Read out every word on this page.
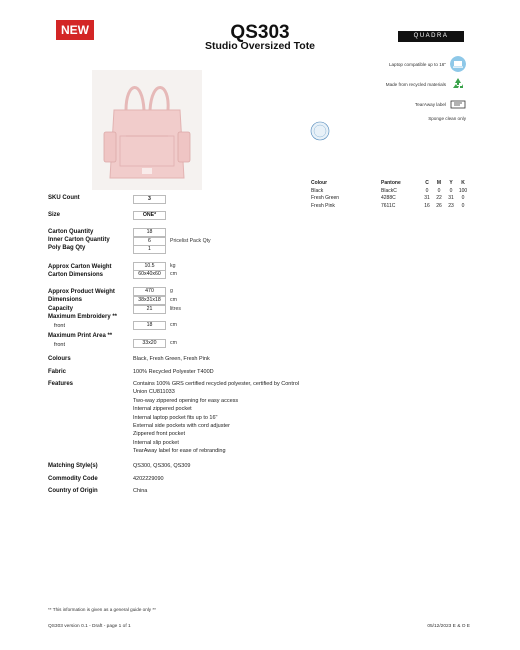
NEW	QS303
Studio Oversized Tote
QUADRA
Laptop compatible up to 16"
Made from recycled materials
TearAway label
Sponge clean only
Colour	Pantone	C	M	Y	K
Black	BlackC	0	0	0	100
Fresh Green	4288C	31	22	31	0
Fresh Pink	7611C	16	26	23	0
SKU Count	3
Size	ONE*
Carton Quantity	18
Inner Carton Quantity	6	Pricelist Pack Qty
Poly Bag Qty	1
Approx Carton Weight	10.5	kg
Carton Dimensions	60x40x60	cm
Approx Product Weight	470	g
Dimensions	38x31x18	cm
Capacity	21	litres
Maximum Embroidery **
front	18	cm
Maximum Print Area **
front	33x20	cm
Colours	Black, Fresh Green, Fresh Pink
Fabric	100% Recycled Polyester T400D
Features	Contains 100% GRS certified recycled polyester, certified by Control Union CU811033
Two-way zippered opening for easy access
Internal zippered pocket
Internal laptop pocket fits up to 16"
External side pockets with cord adjuster
Zippered front pocket
Internal slip pocket
TearAway label for ease of rebranding
Matching Style(s)	QS300, QS306, QS309
Commodity Code	4202229090
Country of Origin	China
** This information is given as a general guide only **
QS303 version 0.1 - Draft - page 1 of 1	05/12/2023 E & O E
